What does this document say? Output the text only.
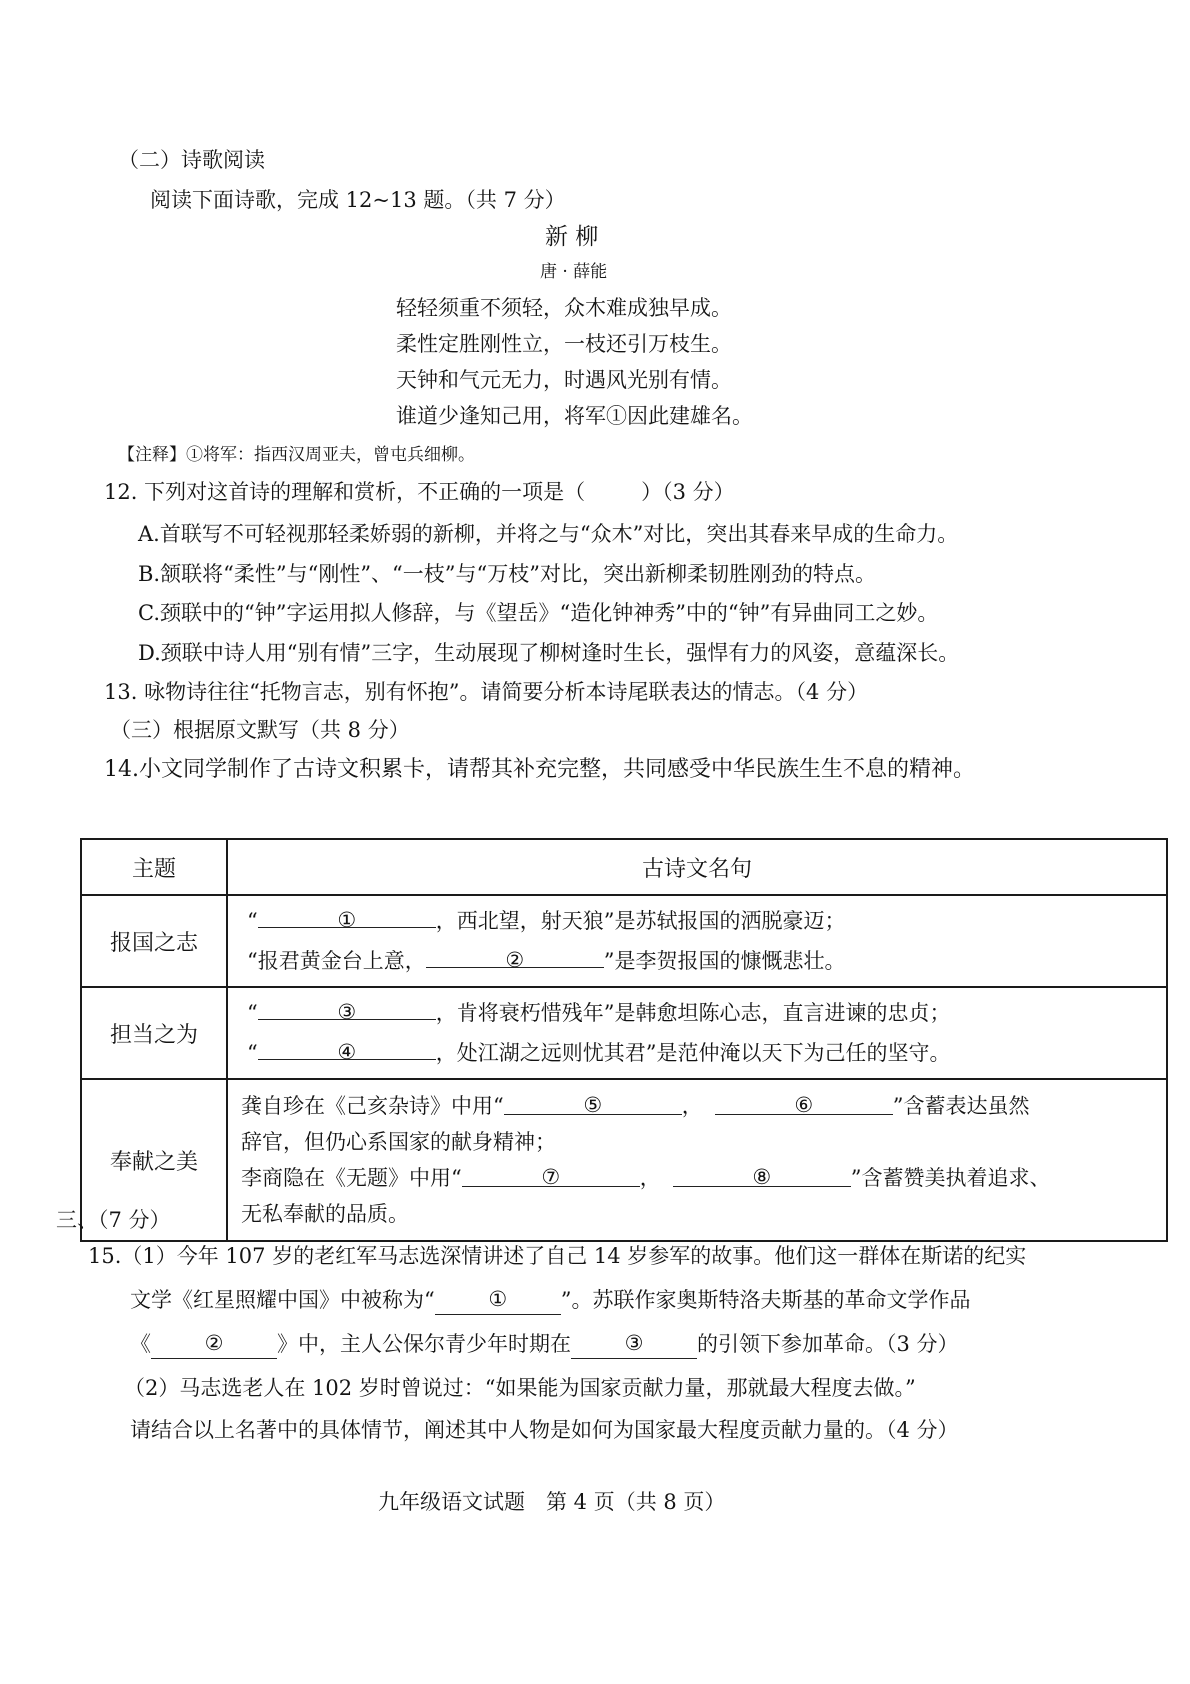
（二）诗歌阅读
阅读下面诗歌，完成 12~13 题。（共 7 分）
新 柳
唐 · 薛能
轻轻须重不须轻，众木难成独早成。
柔性定胜刚性立，一枝还引万枝生。
天钟和气元无力，时遇风光别有情。
谁道少逢知己用，将军①因此建雄名。
【注释】①将军：指西汉周亚夫，曾屯兵细柳。
12. 下列对这首诗的理解和赏析，不正确的一项是（	）（3 分）
A.首联写不可轻视那轻柔娇弱的新柳，并将之与“众木”对比，突出其春来早成的生命力。
B.颔联将“柔性”与“刚性”、“一枝”与“万枝”对比，突出新柳柔韧胜刚劲的特点。
C.颈联中的“钟”字运用拟人修辞，与《望岳》“造化钟神秀”中的“钟”有异曲同工之妙。
D.颈联中诗人用“别有情”三字，生动展现了柳树逢时生长，强悍有力的风姿，意蕴深长。
13. 咏物诗往往“托物言志，别有怀抱”。请简要分析本诗尾联表达的情志。（4 分）
（三）根据原文默写（共 8 分）
14.小文同学制作了古诗文积累卡，请帮其补充完整，共同感受中华民族生生不息的精神。
主题	古诗文名句
报国之志	“ ① ，西北望，射天狼”是苏轼报国的洒脱豪迈；
“报君黄金台上意， ② ”是李贺报国的慷慨悲壮。

担当之为	“ ③ ，肯将衰朽惜残年”是韩愈坦陈心志，直言进谏的忠贞；
“ ④ ，处江湖之远则忧其君”是范仲淹以天下为己任的坚守。

奉献之美	龚自珍在《己亥杂诗》中用“ ⑤ ， ⑥ ”含蓄表达虽然
辞官，但仍心系国家的献身精神；
李商隐在《无题》中用“ ⑦ ， ⑧ ”含蓄赞美执着追求、
无私奉献的品质。
三、（7 分）
15.（1）今年 107 岁的老红军马志选深情讲述了自己 14 岁参军的故事。他们这一群体在斯诺的纪实
文学《红星照耀中国》中被称为“	①	”。苏联作家奥斯特洛夫斯基的革命文学作品
《	②	》中，主人公保尔青少年时期在	③	的引领下参加革命。（3 分）
（2）马志选老人在 102 岁时曾说过：“如果能为国家贡献力量，那就最大程度去做。”
请结合以上名著中的具体情节，阐述其中人物是如何为国家最大程度贡献力量的。（4 分）
九年级语文试题　第 4 页（共 8 页）
